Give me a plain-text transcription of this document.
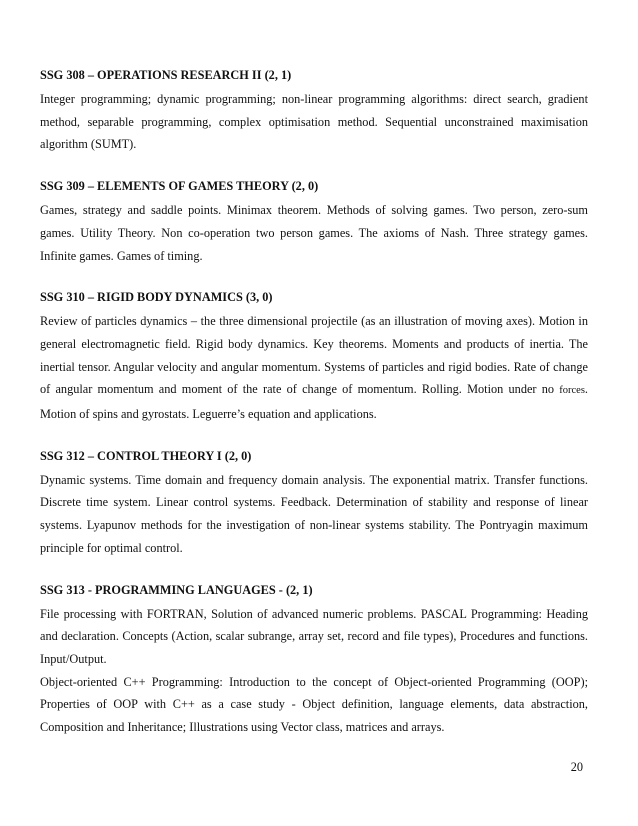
SSG 308 – OPERATIONS RESEARCH II (2, 1)

Integer programming; dynamic programming; non-linear programming algorithms: direct search, gradient method, separable programming, complex optimisation method. Sequential unconstrained maximisation algorithm (SUMT).

SSG 309 – ELEMENTS OF GAMES THEORY (2, 0)

Games, strategy and saddle points. Minimax theorem. Methods of solving games. Two person, zero-sum games. Utility Theory. Non co-operation two person games. The axioms of Nash. Three strategy games. Infinite games. Games of timing.

SSG 310 – RIGID BODY DYNAMICS (3, 0)

Review of particles dynamics – the three dimensional projectile (as an illustration of moving axes). Motion in general electromagnetic field. Rigid body dynamics. Key theorems. Moments and products of inertia. The inertial tensor. Angular velocity and angular momentum. Systems of particles and rigid bodies. Rate of change of angular momentum and moment of the rate of change of momentum. Rolling. Motion under no forces. Motion of spins and gyrostats. Leguerre’s equation and applications.

SSG 312 – CONTROL THEORY I (2, 0)

Dynamic systems. Time domain and frequency domain analysis. The exponential matrix. Transfer functions. Discrete time system. Linear control systems. Feedback. Determination of stability and response of linear systems. Lyapunov methods for the investigation of non-linear systems stability. The Pontryagin maximum principle for optimal control.

SSG 313 - PROGRAMMING LANGUAGES - (2, 1)

File processing with FORTRAN, Solution of advanced numeric problems. PASCAL Programming: Heading and declaration. Concepts (Action, scalar subrange, array set, record and file types), Procedures and functions. Input/Output.

Object-oriented C++ Programming: Introduction to the concept of Object-oriented Programming (OOP); Properties of OOP with C++ as a case study - Object definition, language elements, data abstraction, Composition and Inheritance; Illustrations using Vector class, matrices and arrays.

20
